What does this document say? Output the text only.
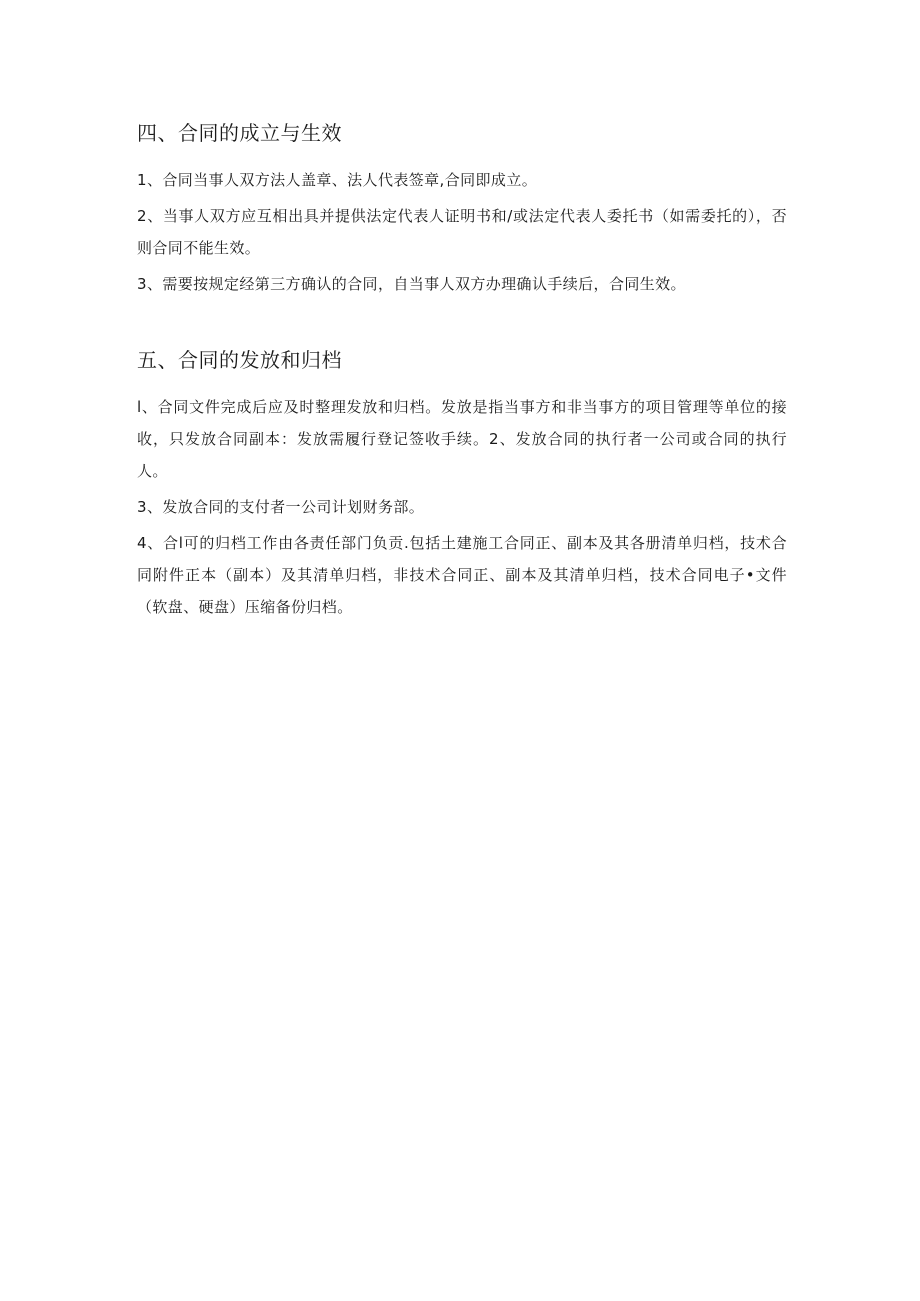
四、合同的成立与生效

1、合同当事人双方法人盖章、法人代表签章,合同即成立。

2、当事人双方应互相出具并提供法定代表人证明书和/或法定代表人委托书（如需委托的），否则合同不能生效。

3、需要按规定经第三方确认的合同，自当事人双方办理确认手续后，合同生效。

五、合同的发放和归档

l、合同文件完成后应及时整理发放和归档。发放是指当事方和非当事方的项目管理等单位的接收，只发放合同副本：发放需履行登记签收手续。2、发放合同的执行者一公司或合同的执行人。

3、发放合同的支付者一公司计划财务部。

4、合l可的归档工作由各责任部门负贡.包括土建施工合同正、副本及其各册清单归档，技术合同附件正本（副本）及其清单归档，非技术合同正、副本及其清单归档，技术合同电子•文件（软盘、硬盘）压缩备份归档。
